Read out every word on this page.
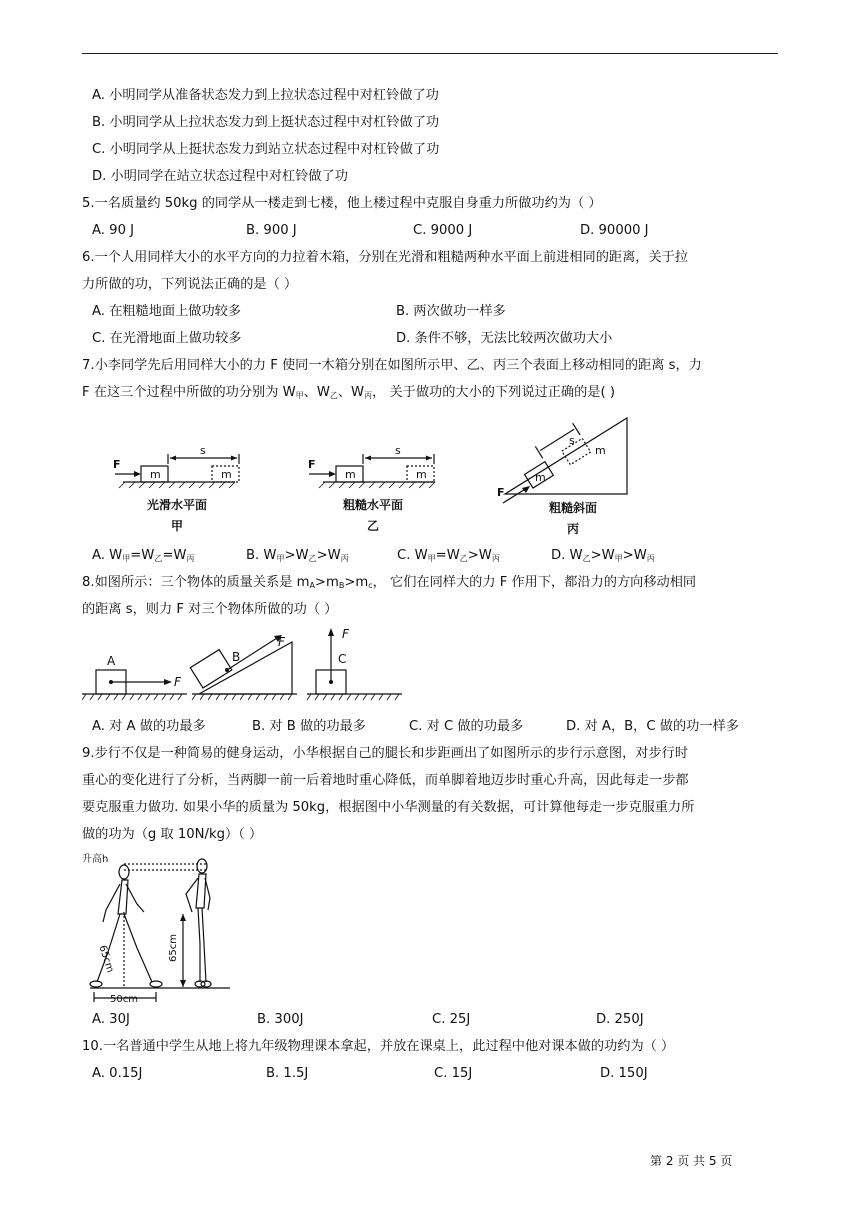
A. 小明同学从准备状态发力到上拉状态过程中对杠铃做了功
B. 小明同学从上拉状态发力到上挺状态过程中对杠铃做了功
C. 小明同学从上挺状态发力到站立状态过程中对杠铃做了功
D. 小明同学在站立状态过程中对杠铃做了功
5.一名质量约 50kg 的同学从一楼走到七楼，他上楼过程中克服自身重力所做功约为（ ）
A. 90 J	B. 900 J	C. 9000 J	D. 90000 J
6.一个人用同样大小的水平方向的力拉着木箱，分别在光滑和粗糙两种水平面上前进相同的距离，关于拉
力所做的功，下列说法正确的是（ ）
A. 在粗糙地面上做功较多	B. 两次做功一样多
C. 在光滑地面上做功较多	D. 条件不够，无法比较两次做功大小
7.小李同学先后用同样大小的力 F 使同一木箱分别在如图所示甲、乙、丙三个表面上移动相同的距离 s，力
F 在这三个过程中所做的功分别为 $W_甲$、$W_乙$、$W_丙$， 关于做功的大小的下列说过正确的是( )
F
m	m
s
F
m	m
s
F
m
m
s
光滑水平面
甲
粗糙水平面
乙
粗糙斜面
丙
A. $W_甲=W_乙=W_丙$	B. $W_甲>W_乙>W_丙$	C. $W_甲=W_乙>W_丙$	D. $W_乙>W_甲>W_丙$
8.如图所示：三个物体的质量关系是 $m_A>m_B>m_c$， 它们在同样大的力 F 作用下，都沿力的方向移动相同
的距离 s，则力 F 对三个物体所做的功（ ）
A
F
B
F
C
F
A. 对 A 做的功最多	B. 对 B 做的功最多	C. 对 C 做的功最多	D. 对 A，B，C 做的功一样多
9.步行不仅是一种简易的健身运动，小华根据自己的腿长和步距画出了如图所示的步行示意图，对步行时
重心的变化进行了分析，当两脚一前一后着地时重心降低，而单脚着地迈步时重心升高，因此每走一步都
要克服重力做功. 如果小华的质量为 50kg，根据图中小华测量的有关数据，可计算他每走一步克服重力所
做的功为（g 取 10N/kg）（ ）
升高h
65cm	65cm
50cm
A. 30J	B. 300J	C. 25J	D. 250J
10.一名普通中学生从地上将九年级物理课本拿起，并放在课桌上，此过程中他对课本做的功约为（ ）
A. 0.15J	B. 1.5J	C. 15J	D. 150J
第 2 页 共 5 页
